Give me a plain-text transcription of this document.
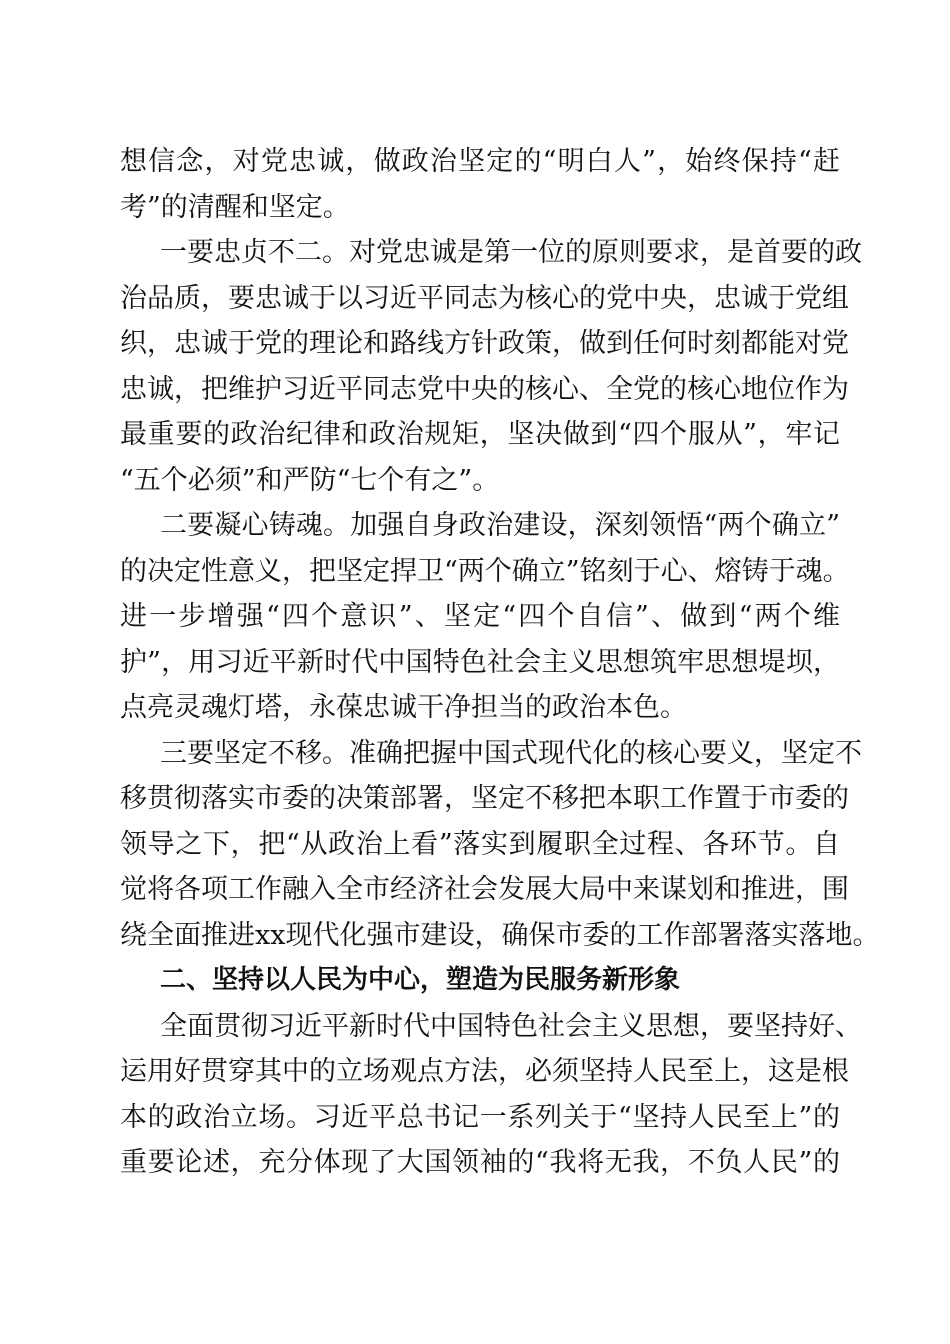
想信念，对党忠诚，做政治坚定的“明白人”，始终保持“赶
考”的清醒和坚定。
一要忠贞不二。对党忠诚是第一位的原则要求，是首要的政
治品质，要忠诚于以习近平同志为核心的党中央，忠诚于党组
织，忠诚于党的理论和路线方针政策，做到任何时刻都能对党
忠诚，把维护习近平同志党中央的核心、全党的核心地位作为
最重要的政治纪律和政治规矩，坚决做到“四个服从”，牢记
“五个必须”和严防“七个有之”。
二要凝心铸魂。加强自身政治建设，深刻领悟“两个确立”
的决定性意义，把坚定捍卫“两个确立”铭刻于心、熔铸于魂。
进一步增强“四个意识”、坚定“四个自信”、做到“两个维
护”，用习近平新时代中国特色社会主义思想筑牢思想堤坝，
点亮灵魂灯塔，永葆忠诚干净担当的政治本色。
三要坚定不移。准确把握中国式现代化的核心要义，坚定不
移贯彻落实市委的决策部署，坚定不移把本职工作置于市委的
领导之下，把“从政治上看”落实到履职全过程、各环节。自
觉将各项工作融入全市经济社会发展大局中来谋划和推进，围
绕全面推进xx现代化强市建设，确保市委的工作部署落实落地。
二、坚持以人民为中心，塑造为民服务新形象
全面贯彻习近平新时代中国特色社会主义思想，要坚持好、
运用好贯穿其中的立场观点方法，必须坚持人民至上，这是根
本的政治立场。习近平总书记一系列关于“坚持人民至上”的
重要论述，充分体现了大国领袖的“我将无我，不负人民”的
